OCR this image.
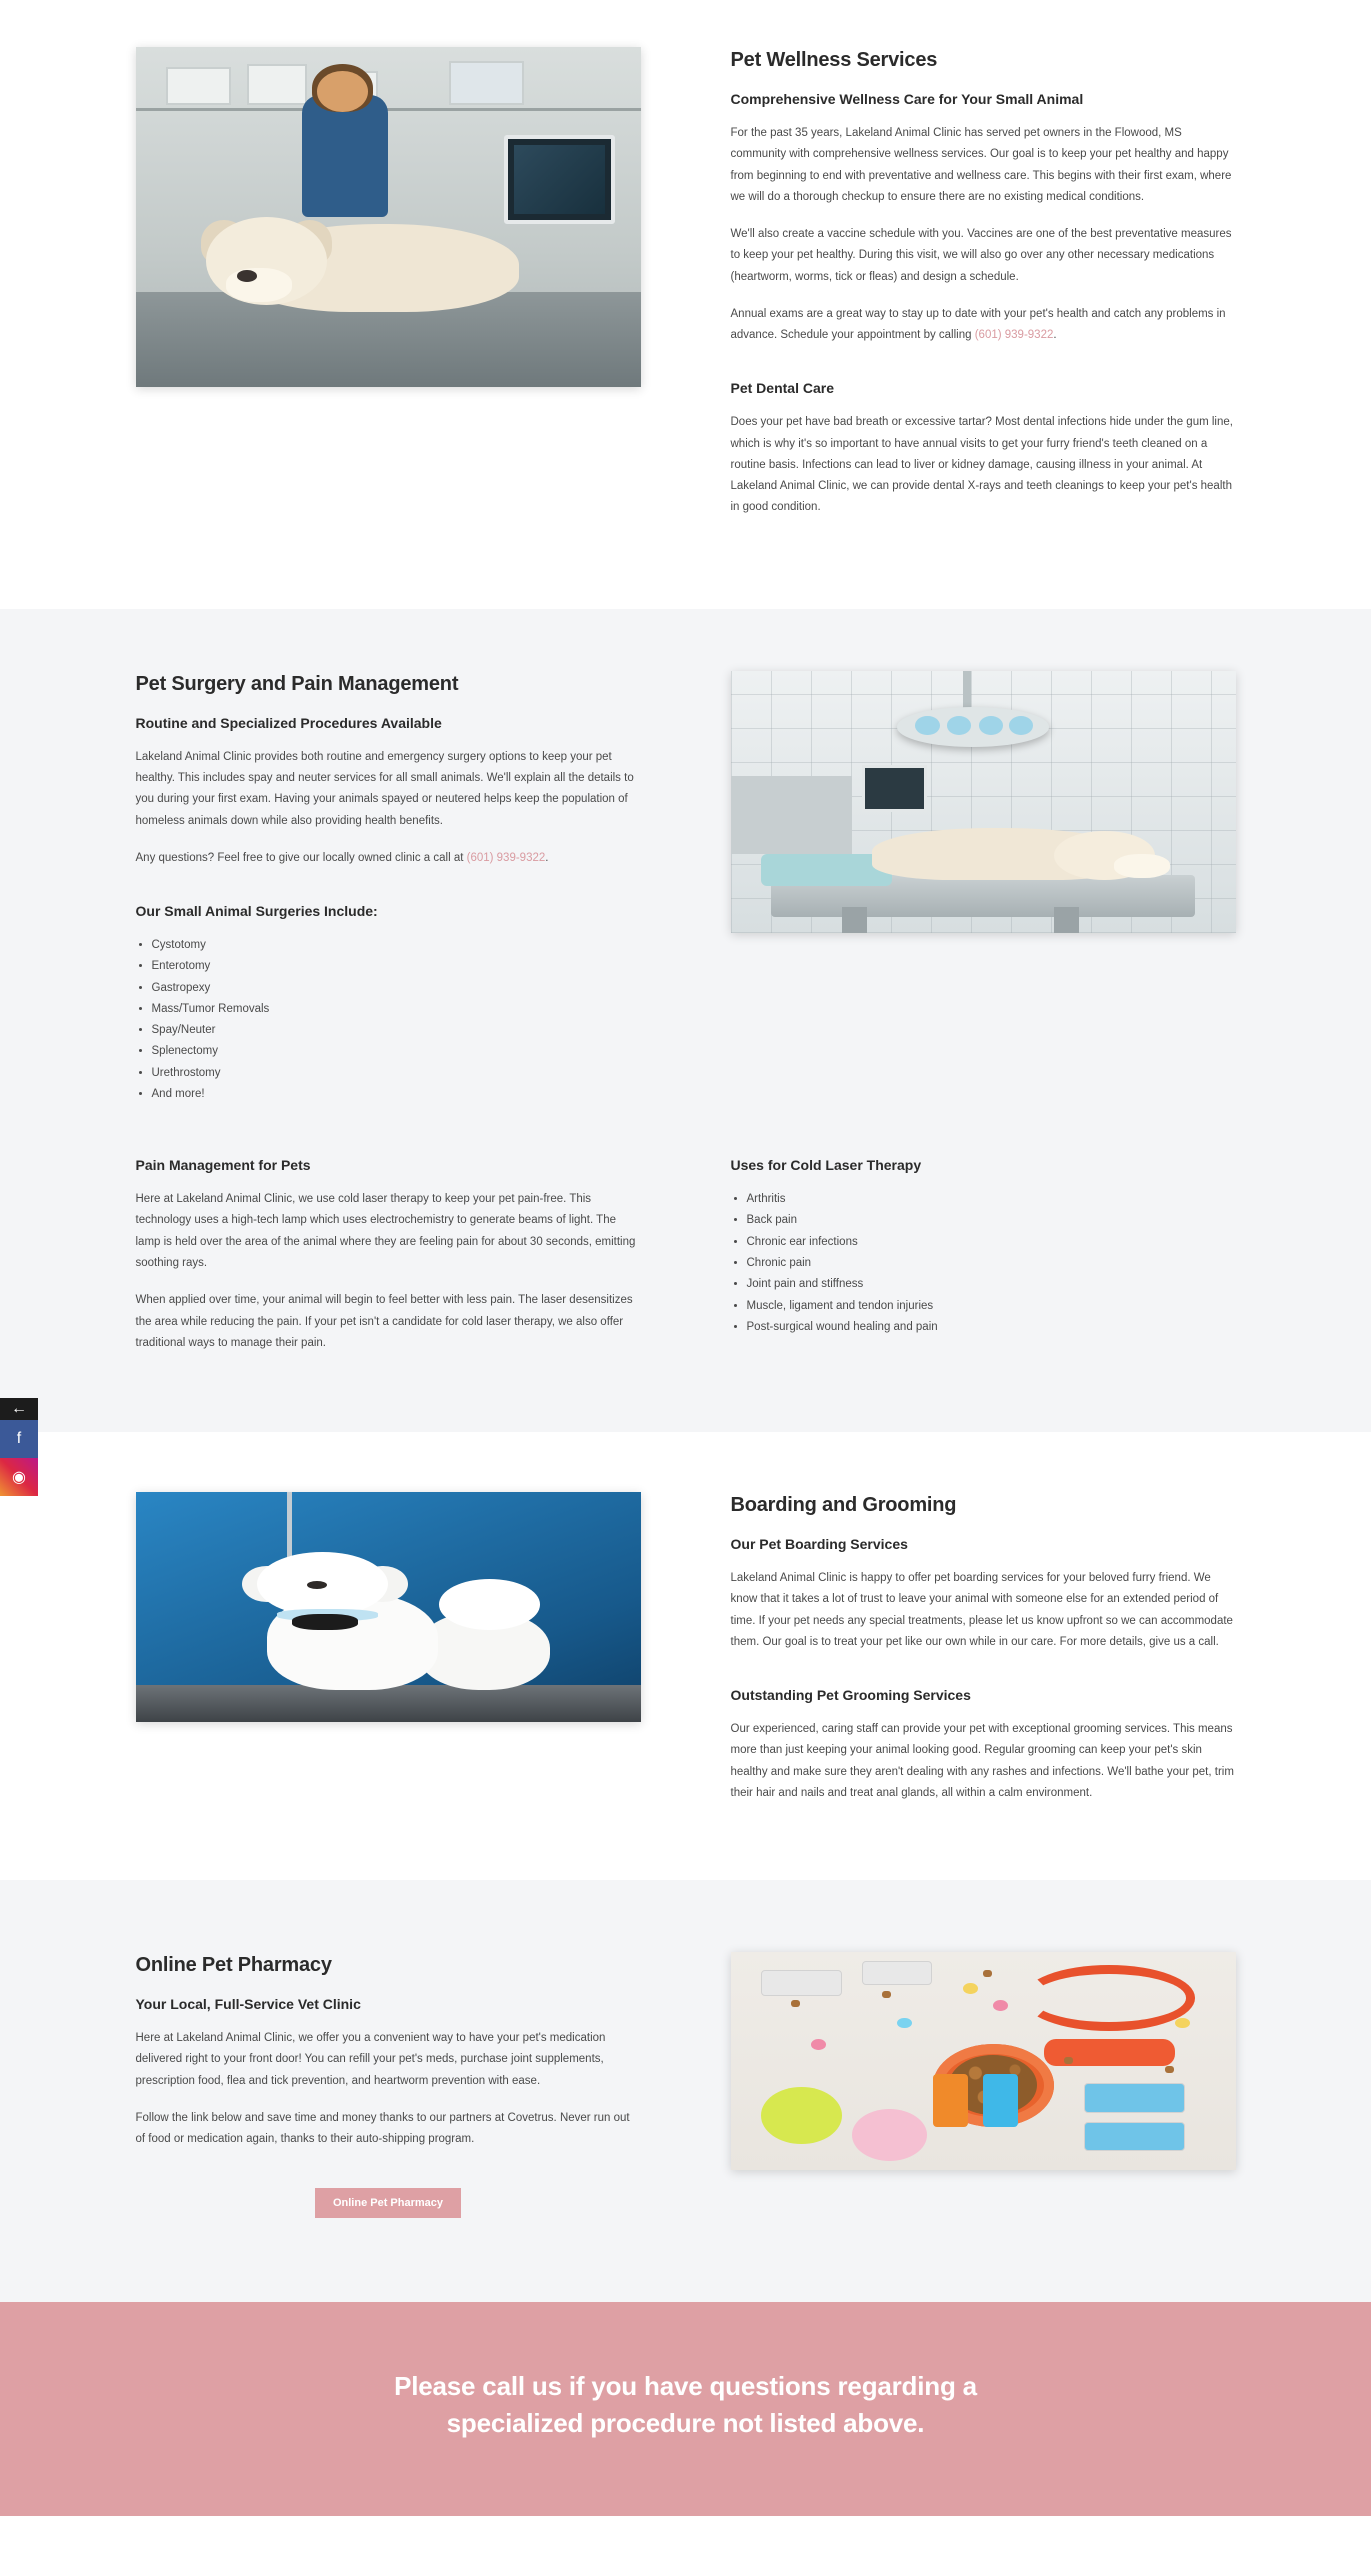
←
f
◉
Pet Wellness Services
Comprehensive Wellness Care for Your Small Animal

For the past 35 years, Lakeland Animal Clinic has served pet owners in the Flowood, MS community with comprehensive wellness services. Our goal is to keep your pet healthy and happy from beginning to end with preventative and wellness care. This begins with their first exam, where we will do a thorough checkup to ensure there are no existing medical conditions.

We'll also create a vaccine schedule with you. Vaccines are one of the best preventative measures to keep your pet healthy. During this visit, we will also go over any other necessary medications (heartworm, worms, tick or fleas) and design a schedule.

Annual exams are a great way to stay up to date with your pet's health and catch any problems in advance. Schedule your appointment by calling (601) 939-9322.

Pet Dental Care

Does your pet have bad breath or excessive tartar? Most dental infections hide under the gum line, which is why it's so important to have annual visits to get your furry friend's teeth cleaned on a routine basis. Infections can lead to liver or kidney damage, causing illness in your animal. At Lakeland Animal Clinic, we can provide dental X-rays and teeth cleanings to keep your pet's health in good condition.

Pet Surgery and Pain Management
Routine and Specialized Procedures Available

Lakeland Animal Clinic provides both routine and emergency surgery options to keep your pet healthy. This includes spay and neuter services for all small animals. We'll explain all the details to you during your first exam. Having your animals spayed or neutered helps keep the population of homeless animals down while also providing health benefits.

Any questions? Feel free to give our locally owned clinic a call at (601) 939-9322.

Our Small Animal Surgeries Include:
• Cystotomy
• Enterotomy
• Gastropexy
• Mass/Tumor Removals
• Spay/Neuter
• Splenectomy
• Urethrostomy
• And more!
Pain Management for Pets

Here at Lakeland Animal Clinic, we use cold laser therapy to keep your pet pain-free. This technology uses a high-tech lamp which uses electrochemistry to generate beams of light. The lamp is held over the area of the animal where they are feeling pain for about 30 seconds, emitting soothing rays.

When applied over time, your animal will begin to feel better with less pain. The laser desensitizes the area while reducing the pain. If your pet isn't a candidate for cold laser therapy, we also offer traditional ways to manage their pain.

Uses for Cold Laser Therapy
• Arthritis
• Back pain
• Chronic ear infections
• Chronic pain
• Joint pain and stiffness
• Muscle, ligament and tendon injuries
• Post-surgical wound healing and pain
Boarding and Grooming
Our Pet Boarding Services

Lakeland Animal Clinic is happy to offer pet boarding services for your beloved furry friend. We know that it takes a lot of trust to leave your animal with someone else for an extended period of time. If your pet needs any special treatments, please let us know upfront so we can accommodate them. Our goal is to treat your pet like our own while in our care. For more details, give us a call.

Outstanding Pet Grooming Services

Our experienced, caring staff can provide your pet with exceptional grooming services. This means more than just keeping your animal looking good. Regular grooming can keep your pet's skin healthy and make sure they aren't dealing with any rashes and infections. We'll bathe your pet, trim their hair and nails and treat anal glands, all within a calm environment.

Online Pet Pharmacy
Your Local, Full-Service Vet Clinic

Here at Lakeland Animal Clinic, we offer you a convenient way to have your pet's medication delivered right to your front door! You can refill your pet's meds, purchase joint supplements, prescription food, flea and tick prevention, and heartworm prevention with ease.

Follow the link below and save time and money thanks to our partners at Covetrus. Never run out of food or medication again, thanks to their auto-shipping program.

Online Pet Pharmacy
Please call us if you have questions regarding a
specialized procedure not listed above.
